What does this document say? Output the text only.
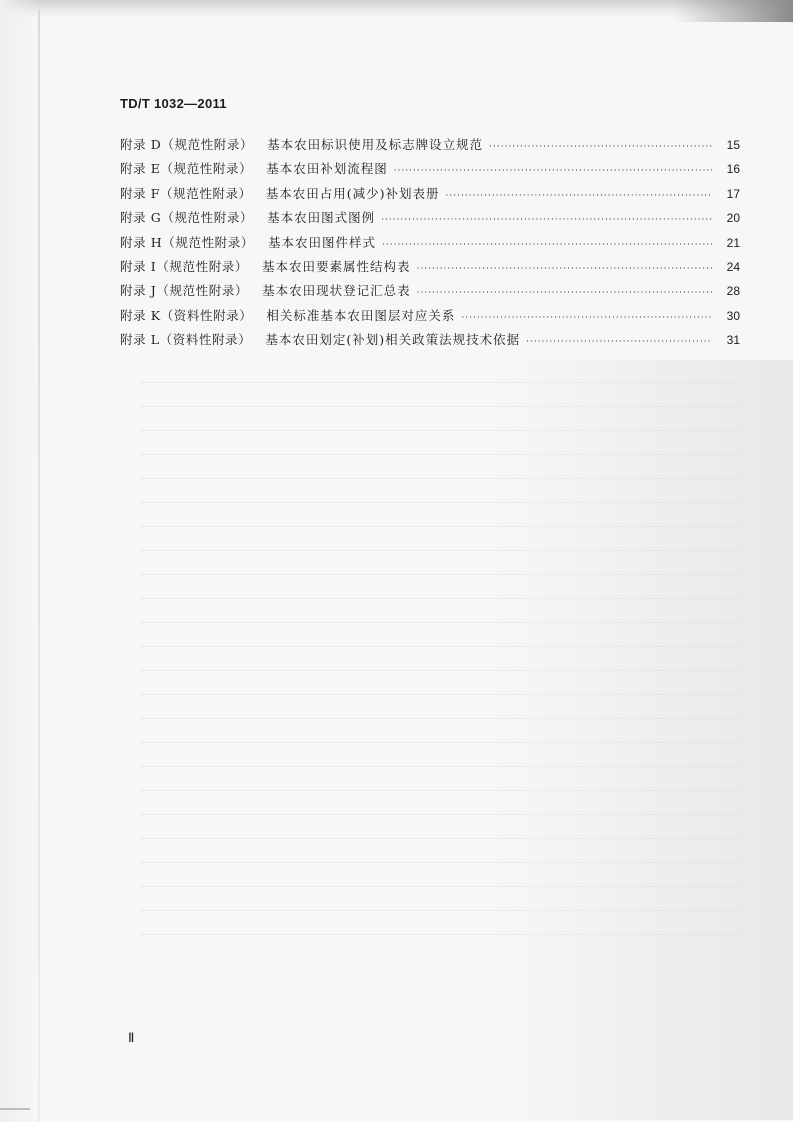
TD/T 1032—2011
附录 D（规范性附录） 基本农田标识使用及标志牌设立规范 ·····	15
附录 E（规范性附录） 基本农田补划流程图 ·····	16
附录 F（规范性附录） 基本农田占用(减少)补划表册 ·····	17
附录 G（规范性附录） 基本农田图式图例 ·····	20
附录 H（规范性附录） 基本农田图件样式 ·····	21
附录 I（规范性附录） 基本农田要素属性结构表 ·····	24
附录 J（规范性附录） 基本农田现状登记汇总表 ·····	28
附录 K（资料性附录） 相关标准基本农田图层对应关系 ·····	30
附录 L（资料性附录） 基本农田划定(补划)相关政策法规技术依据 ·····	31
Ⅱ
